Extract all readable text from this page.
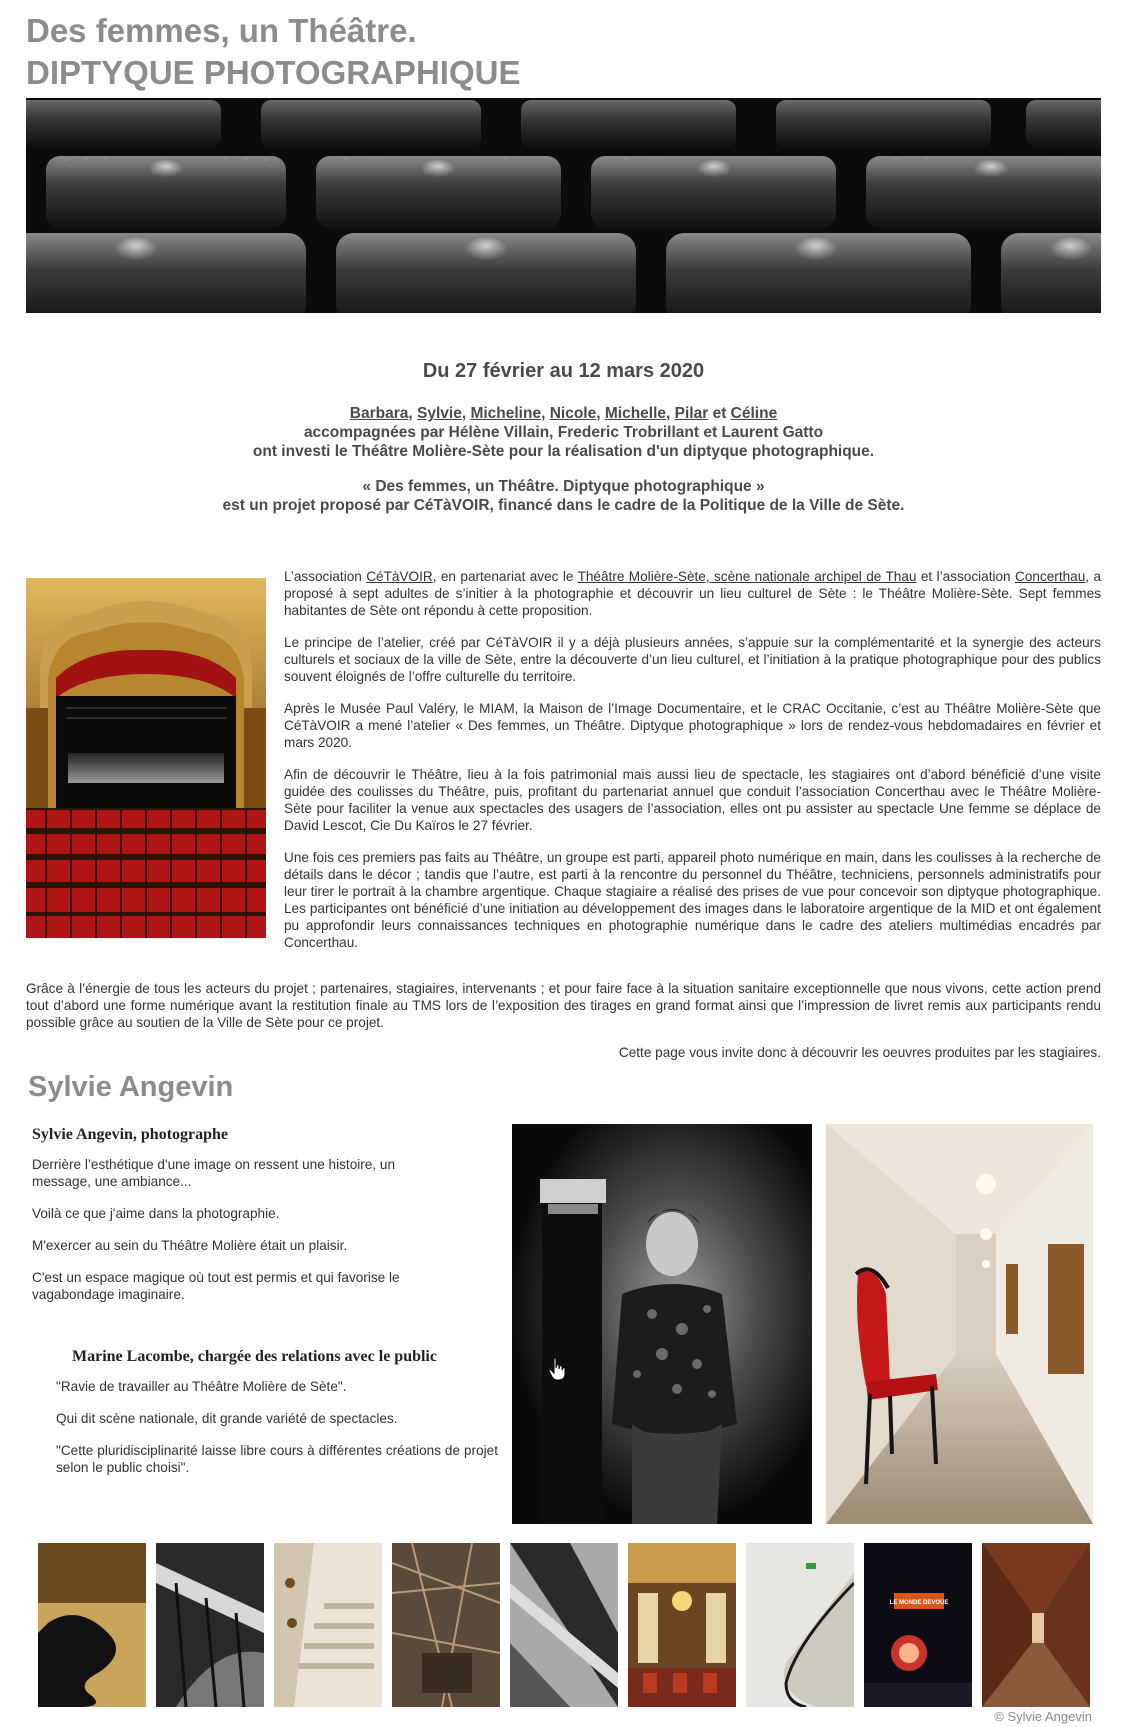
Des femmes, un Théâtre.
DIPTYQUE PHOTOGRAPHIQUE
Du 27 février au 12 mars 2020
Barbara, Sylvie, Micheline, Nicole, Michelle, Pilar et Céline
accompagnées par Hélène Villain, Frederic Trobrillant et Laurent Gatto
ont investi le Théâtre Molière-Sète pour la réalisation d'un diptyque photographique.
« Des femmes, un Théâtre. Diptyque photographique »
est un projet proposé par CéTàVOIR, financé dans le cadre de la Politique de la Ville de Sète.

L’association CéTàVOIR, en partenariat avec le Théâtre Molière-Sète, scène nationale archipel de Thau et l’association Concerthau, a proposé à sept adultes de s’initier à la photographie et découvrir un lieu culturel de Sète : le Théâtre Molière-Sète. Sept femmes habitantes de Sète ont répondu à cette proposition.

Le principe de l’atelier, créé par CéTàVOIR il y a déjà plusieurs années, s’appuie sur la complémentarité et la synergie des acteurs culturels et sociaux de la ville de Sète, entre la découverte d’un lieu culturel, et l’initiation à la pratique photographique pour des publics souvent éloignés de l’offre culturelle du territoire.

Après le Musée Paul Valéry, le MIAM, la Maison de l’Image Documentaire, et le CRAC Occitanie, c’est au Théâtre Molière-Sète que CéTàVOIR a mené l’atelier « Des femmes, un Théâtre. Diptyque photographique » lors de rendez-vous hebdomadaires en février et mars 2020.

Afin de découvrir le Théâtre, lieu à la fois patrimonial mais aussi lieu de spectacle, les stagiaires ont d’abord bénéficié d’une visite guidée des coulisses du Théâtre, puis, profitant du partenariat annuel que conduit l’association Concerthau avec le Théâtre Molière-Sète pour faciliter la venue aux spectacles des usagers de l’association, elles ont pu assister au spectacle Une femme se déplace de David Lescot, Cie Du Kaïros le 27 février.

Une fois ces premiers pas faits au Théâtre, un groupe est parti, appareil photo numérique en main, dans les coulisses à la recherche de détails dans le décor ; tandis que l’autre, est parti à la rencontre du personnel du Théâtre, techniciens, personnels administratifs pour leur tirer le portrait à la chambre argentique. Chaque stagiaire a réalisé des prises de vue pour concevoir son diptyque photographique. Les participantes ont bénéficié d’une initiation au développement des images dans le laboratoire argentique de la MID et ont également pu approfondir leurs connaissances techniques en photographie numérique dans le cadre des ateliers multimédias encadrés par Concerthau.

Grâce à l’énergie de tous les acteurs du projet ; partenaires, stagiaires, intervenants ; et pour faire face à la situation sanitaire exceptionnelle que nous vivons, cette action prend tout d’abord une forme numérique avant la restitution finale au TMS lors de l’exposition des tirages en grand format ainsi que l’impression de livret remis aux participants rendu possible grâce au soutien de la Ville de Sète pour ce projet.

Cette page vous invite donc à découvrir les oeuvres produites par les stagiaires.
Sylvie Angevin
Sylvie Angevin, photographe

Derrière l’esthétique d'une image on ressent une histoire, un message, une ambiance...

Voilà ce que j'aime dans la photographie.

M'exercer au sein du Théâtre Molière était un plaisir.

C'est un espace magique où tout est permis et qui favorise le vagabondage imaginaire.

Marine Lacombe, chargée des relations avec le public

"Ravie de travailler au Théâtre Molière de Sète".

Qui dit scène nationale, dit grande variété de spectacles.

"Cette pluridisciplinarité laisse libre cours à différentes créations de projet selon le public choisi".

LE MONDE DEVOUE
© Sylvie Angevin
